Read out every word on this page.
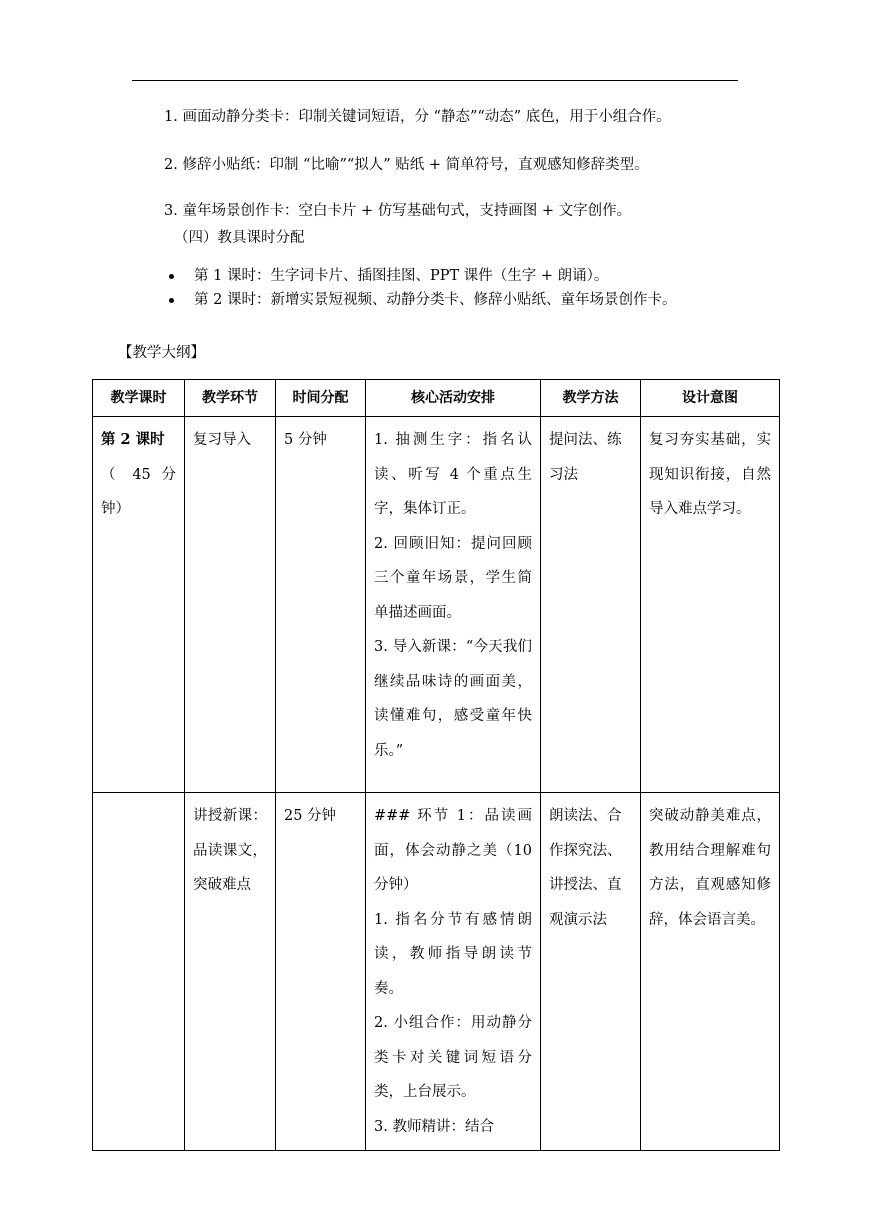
1. 画面动静分类卡：印制关键词短语，分 “静态”“动态” 底色，用于小组合作。
2. 修辞小贴纸：印制 “比喻”“拟人” 贴纸 + 简单符号，直观感知修辞类型。
3. 童年场景创作卡：空白卡片 + 仿写基础句式，支持画图 + 文字创作。
（四）教具课时分配
第 1 课时：生字词卡片、插图挂图、PPT 课件（生字 + 朗诵）。
第 2 课时：新增实景短视频、动静分类卡、修辞小贴纸、童年场景创作卡。
【教学大纲】
教学课时	教学环节	时间分配	核心活动安排	教学方法	设计意图

第 2 课时
（ 45 分钟）	复习导入	5 分钟	1. 抽测生字：指名认读、听写 4 个重点生字，集体订正。
2. 回顾旧知：提问回顾三个童年场景，学生简单描述画面。
3. 导入新课：“今天我们继续品味诗的画面美，读懂难句，感受童年快乐。”	提问法、练习法	复习夯实基础，实现知识衔接，自然导入难点学习。
	讲授新课：品读课文，突破难点	25 分钟	### 环节 1：品读画面，体会动静之美（10 分钟）
1. 指名分节有感情朗读，教师指导朗读节奏。
2. 小组合作：用动静分类卡对关键词短语分类，上台展示。
3. 教师精讲：结合	朗读法、合作探究法、讲授法、直观演示法	突破动静美难点，教用结合理解难句方法，直观感知修辞，体会语言美。
